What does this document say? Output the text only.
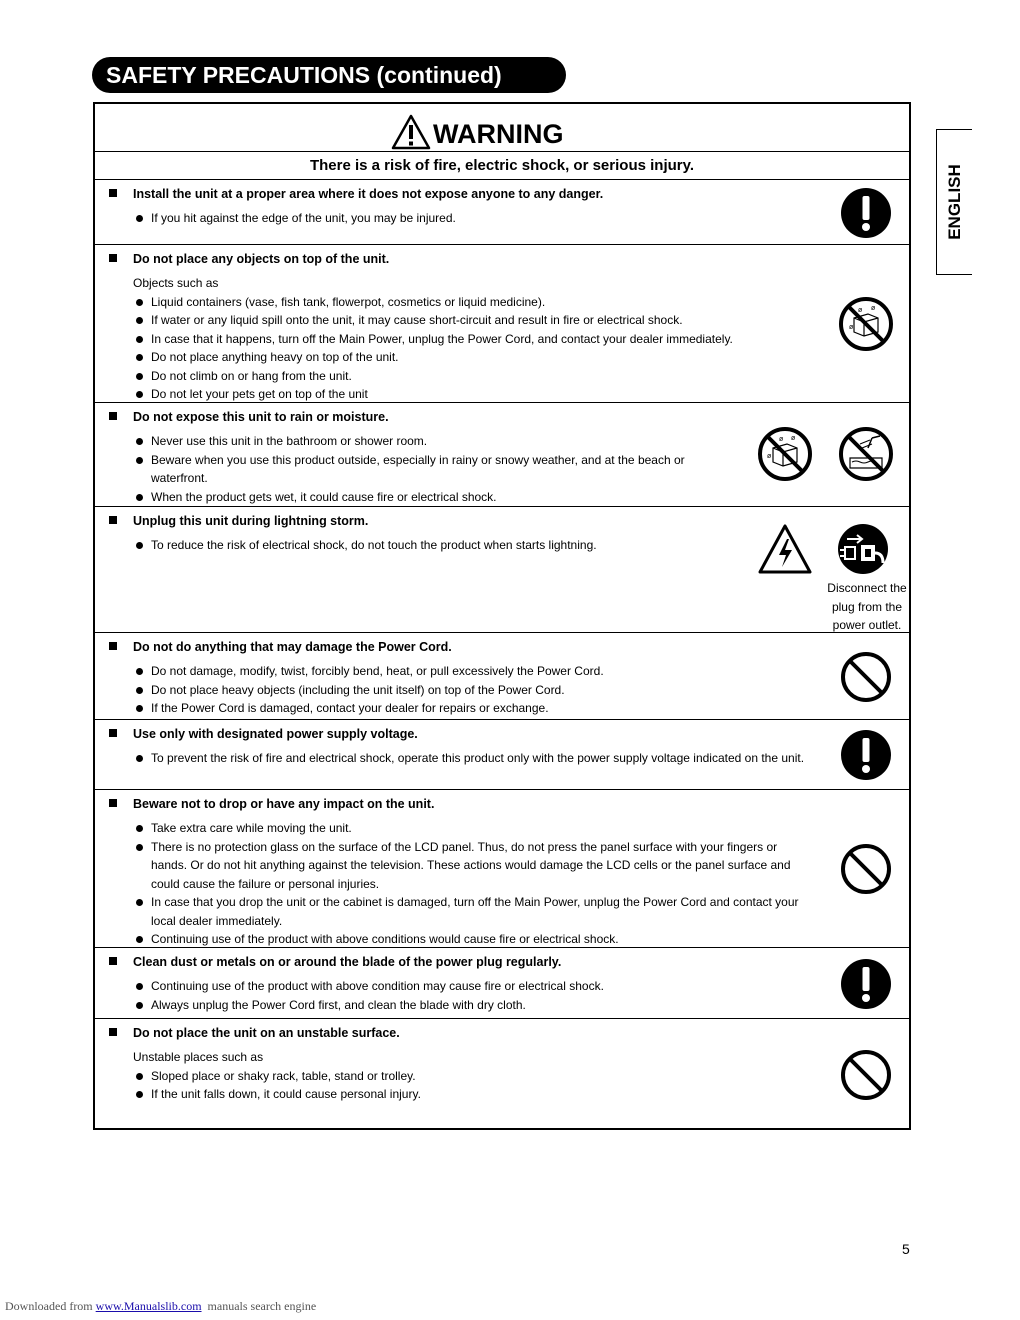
SAFETY PRECAUTIONS (continued)
ENGLISH
WARNING
There is a risk of fire, electric shock, or serious injury.
Install the unit at a proper area where it does not expose anyone to any danger.
If you hit against the edge of the unit, you may be injured.
Do not place any objects on top of the unit.
Objects such as
Liquid containers (vase, fish tank, flowerpot, cosmetics or liquid medicine).
If water or any liquid spill onto the unit, it may cause short-circuit and result in fire or electrical shock.
In case that it happens, turn off the Main Power, unplug the Power Cord, and contact your dealer immediately.
Do not place anything heavy on top of the unit.
Do not climb on or hang from the unit.
Do not let your pets get on top of the unit
ø ø
ø
Do not expose this unit to rain or moisture.
Never use this unit in the bathroom or shower room.
Beware when you use this product outside, especially in rainy or snowy weather, and at the beach or
waterfront.
When the product gets wet, it could cause fire or electrical shock.
ø ø
ø
Unplug this unit during lightning storm.
To reduce the risk of electrical shock, do not touch the product when starts lightning.
Disconnect the
plug from the
power outlet.
Do not do anything that may damage the Power Cord.
Do not damage, modify, twist, forcibly bend, heat, or pull excessively the Power Cord.
Do not place heavy objects (including the unit itself) on top of the Power Cord.
If the Power Cord is damaged, contact your dealer for repairs or exchange.
Use only with designated power supply voltage.
To prevent the risk of fire and electrical shock, operate this product only with the power supply voltage indicated on the unit.
Beware not to drop or have any impact on the unit.
Take extra care while moving the unit.
There is no protection glass on the surface of the LCD panel. Thus, do not press the panel surface with your fingers or
hands. Or do not hit anything against the television. These actions would damage the LCD cells or the panel surface and
could cause the failure or personal injuries.
In case that you drop the unit or the cabinet is damaged, turn off the Main Power, unplug the Power Cord and contact your
local dealer immediately.
Continuing use of the product with above conditions would cause fire or electrical shock.
Clean dust or metals on or around the blade of the power plug regularly.
Continuing use of the product with above condition may cause fire or electrical shock.
Always unplug the Power Cord first, and clean the blade with dry cloth.
Do not place the unit on an unstable surface.
Unstable places such as
Sloped place or shaky rack, table, stand or trolley.
If the unit falls down, it could cause personal injury.
5
Downloaded from www.Manualslib.com  manuals search engine
